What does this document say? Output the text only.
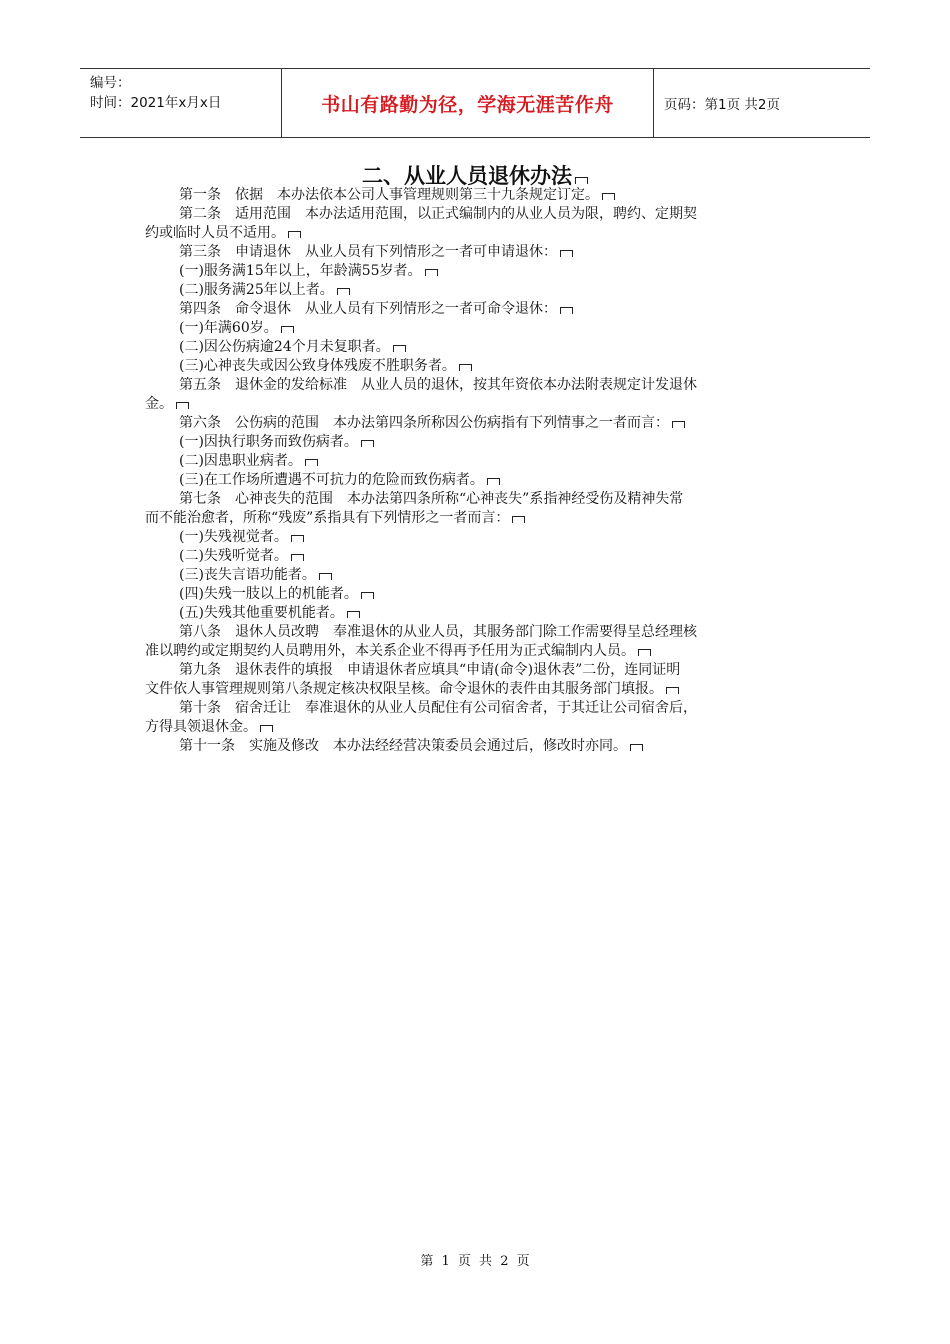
编号：
时间：2021年x月x日	书山有路勤为径，学海无涯苦作舟	页码：第1页 共2页
二、从业人员退休办法
第一条　依据　本办法依本公司人事管理规则第三十九条规定订定。
第二条　适用范围　本办法适用范围，以正式编制内的从业人员为限，聘约、定期契
约或临时人员不适用。
第三条　申请退休　从业人员有下列情形之一者可申请退休：
(一)服务满15年以上，年龄满55岁者。
(二)服务满25年以上者。
第四条　命令退休　从业人员有下列情形之一者可命令退休：
(一)年满60岁。
(二)因公伤病逾24个月未复职者。
(三)心神丧失或因公致身体残废不胜职务者。
第五条　退休金的发给标准　从业人员的退休，按其年资依本办法附表规定计发退休
金。
第六条　公伤病的范围　本办法第四条所称因公伤病指有下列情事之一者而言：
(一)因执行职务而致伤病者。
(二)因患职业病者。
(三)在工作场所遭遇不可抗力的危险而致伤病者。
第七条　心神丧失的范围　本办法第四条所称“心神丧失”系指神经受伤及精神失常
而不能治愈者，所称“残废”系指具有下列情形之一者而言：
(一)失残视觉者。
(二)失残听觉者。
(三)丧失言语功能者。
(四)失残一肢以上的机能者。
(五)失残其他重要机能者。
第八条　退休人员改聘　奉准退休的从业人员，其服务部门除工作需要得呈总经理核
准以聘约或定期契约人员聘用外，本关系企业不得再予任用为正式编制内人员。
第九条　退休表件的填报　申请退休者应填具“申请(命令)退休表”二份，连同证明
文件依人事管理规则第八条规定核决权限呈核。命令退休的表件由其服务部门填报。
第十条　宿舍迁让　奉准退休的从业人员配住有公司宿舍者，于其迁让公司宿舍后，
方得具领退休金。
第十一条　实施及修改　本办法经经营决策委员会通过后，修改时亦同。
第 1 页 共 2 页
